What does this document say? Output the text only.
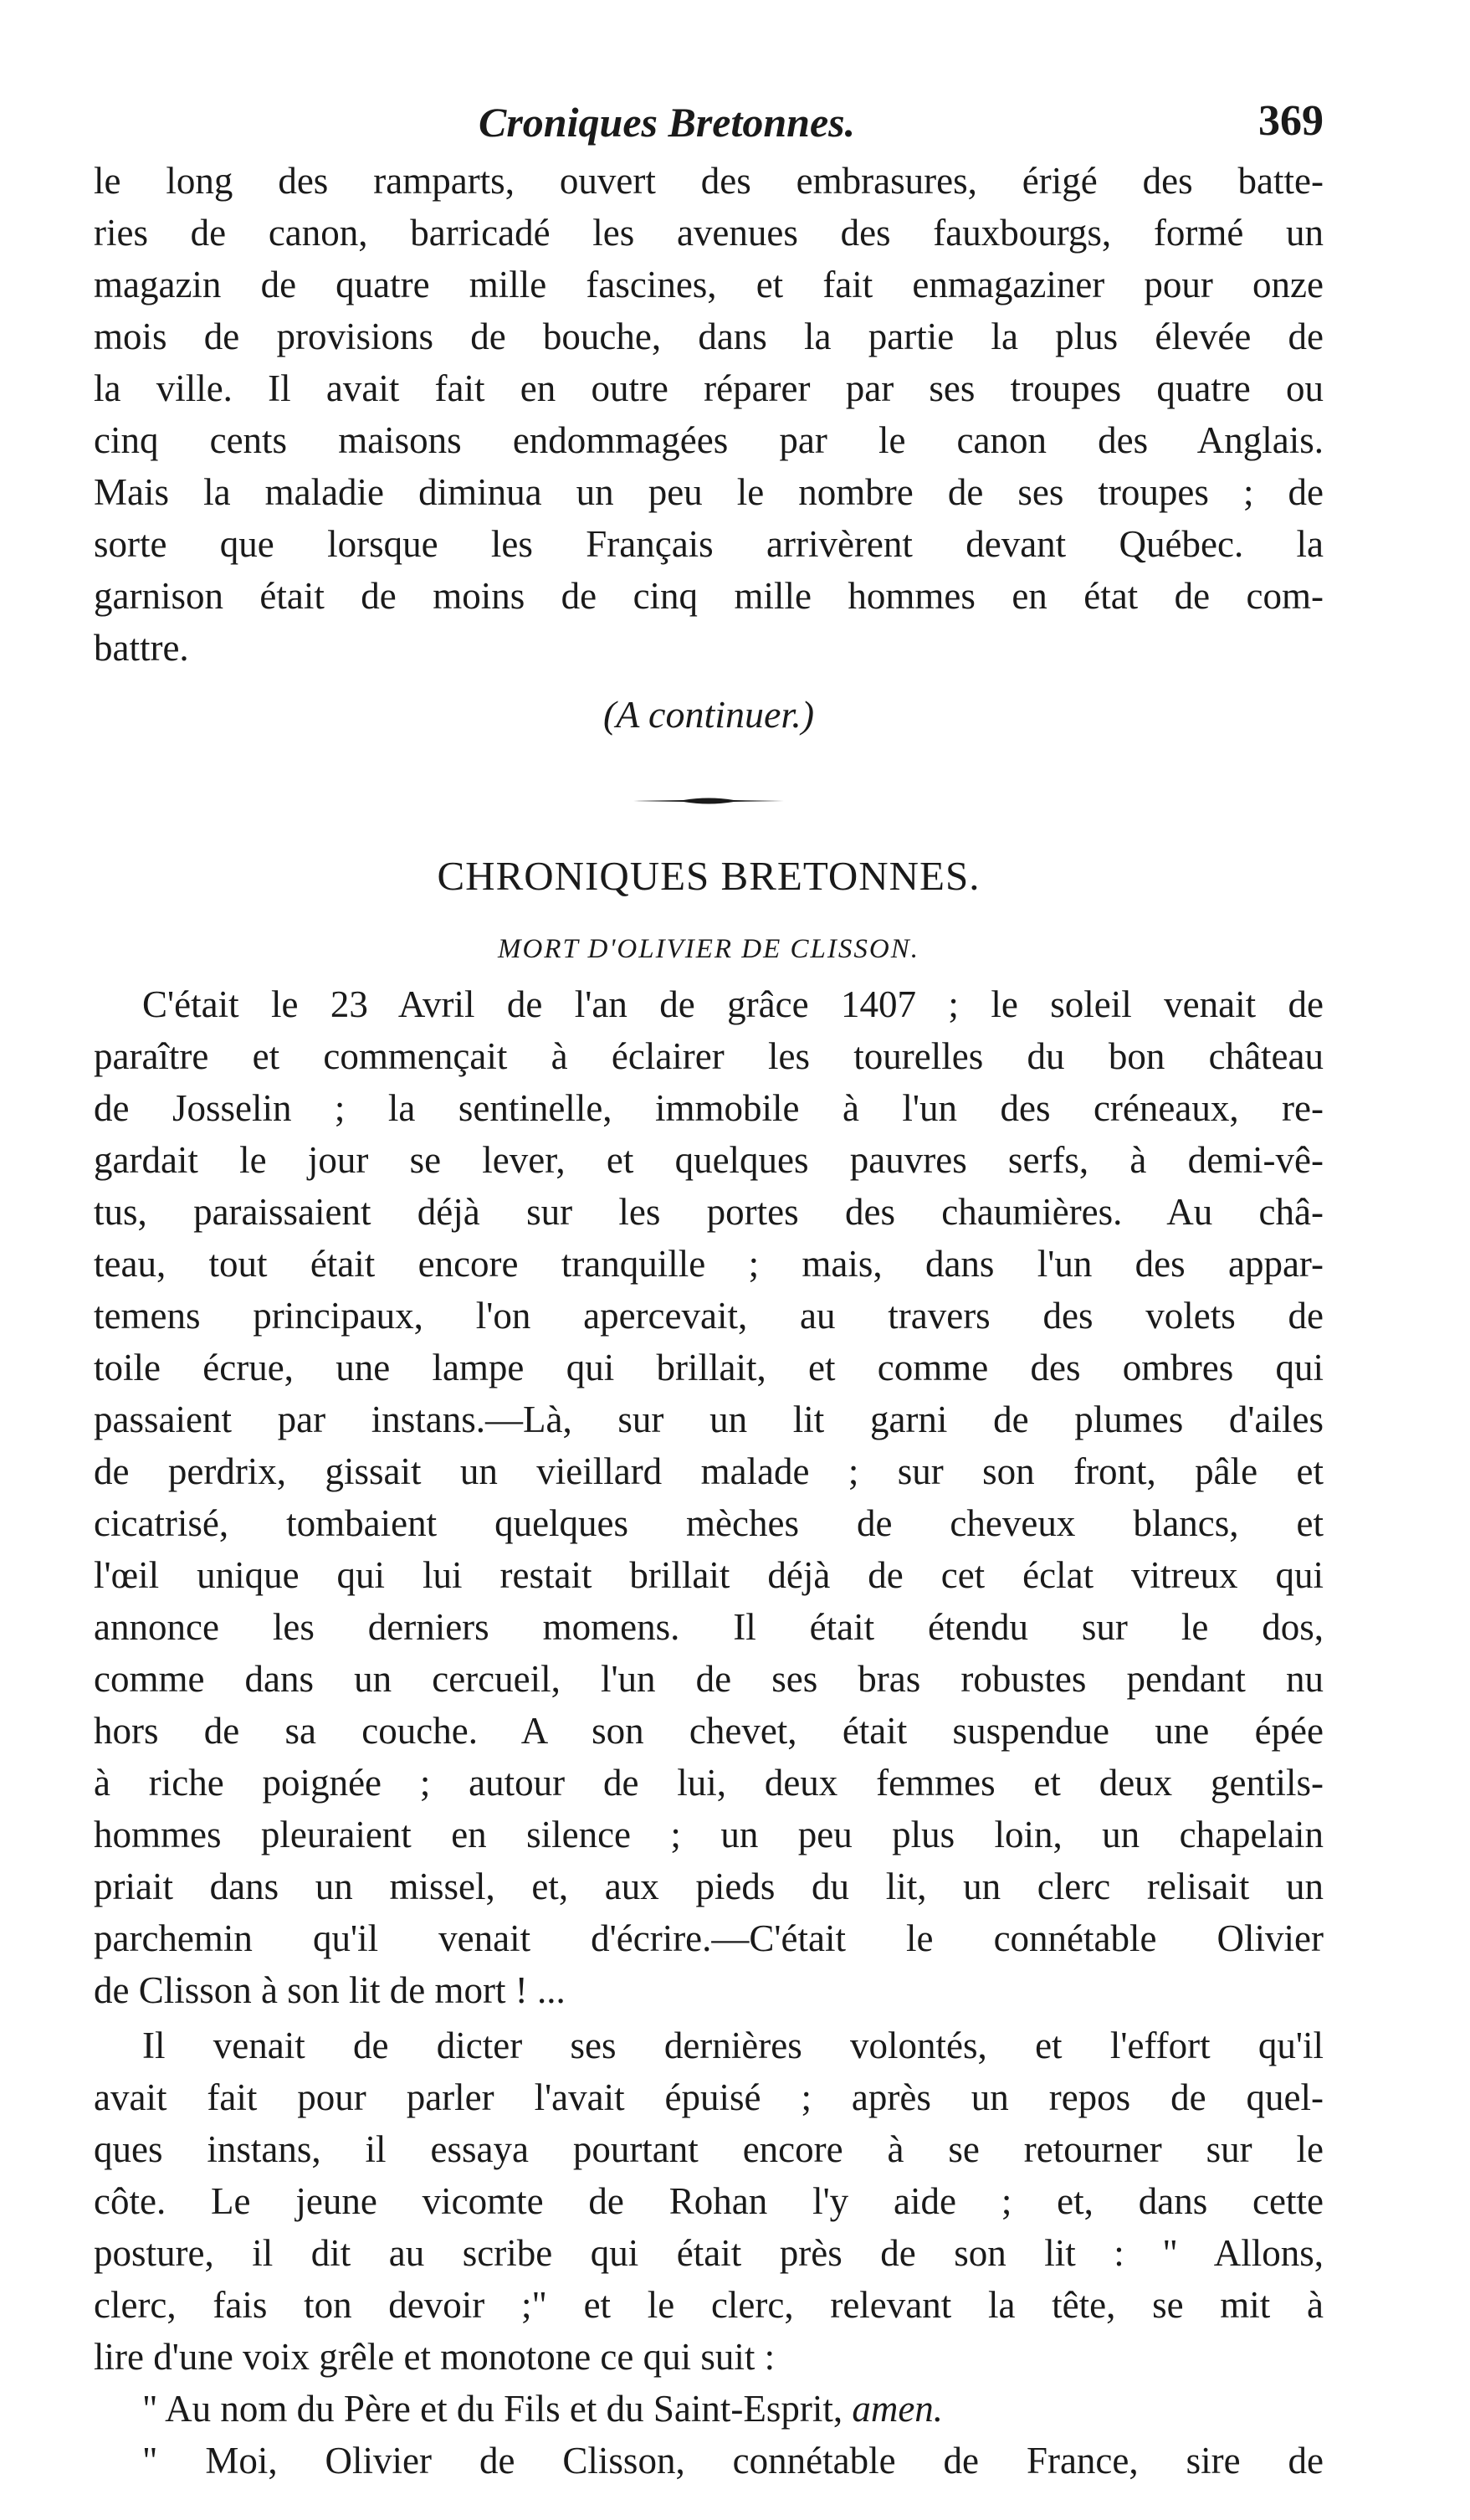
Croniques Bretonnes.	369
le long des ramparts, ouvert des embrasures, érigé des batte-
ries de canon, barricadé les avenues des fauxbourgs, formé un
magazin de quatre mille fascines, et fait enmagaziner pour onze
mois de provisions de bouche, dans la partie la plus élevée de
la ville. Il avait fait en outre réparer par ses troupes quatre ou
cinq cents maisons endommagées par le canon des Anglais.
Mais la maladie diminua un peu le nombre de ses troupes ; de
sorte que lorsque les Français arrivèrent devant Québec. la
garnison était de moins de cinq mille hommes en état de com-
battre.
(A continuer.)
CHRONIQUES BRETONNES.
MORT D'OLIVIER DE CLISSON.
C'était le 23 Avril de l'an de grâce 1407 ; le soleil venait de
paraître et commençait à éclairer les tourelles du bon château
de Josselin ; la sentinelle, immobile à l'un des créneaux, re-
gardait le jour se lever, et quelques pauvres serfs, à demi-vê-
tus, paraissaient déjà sur les portes des chaumières. Au châ-
teau, tout était encore tranquille ; mais, dans l'un des appar-
temens principaux, l'on apercevait, au travers des volets de
toile écrue, une lampe qui brillait, et comme des ombres qui
passaient par instans.—Là, sur un lit garni de plumes d'ailes
de perdrix, gissait un vieillard malade ; sur son front, pâle et
cicatrisé, tombaient quelques mèches de cheveux blancs, et
l'œil unique qui lui restait brillait déjà de cet éclat vitreux qui
annonce les derniers momens. Il était étendu sur le dos,
comme dans un cercueil, l'un de ses bras robustes pendant nu
hors de sa couche. A son chevet, était suspendue une épée
à riche poignée ; autour de lui, deux femmes et deux gentils-
hommes pleuraient en silence ; un peu plus loin, un chapelain
priait dans un missel, et, aux pieds du lit, un clerc relisait un
parchemin qu'il venait d'écrire.—C'était le connétable Olivier
de Clisson à son lit de mort ! ...
Il venait de dicter ses dernières volontés, et l'effort qu'il
avait fait pour parler l'avait épuisé ; après un repos de quel-
ques instans, il essaya pourtant encore à se retourner sur le
côte. Le jeune vicomte de Rohan l'y aide ; et, dans cette
posture, il dit au scribe qui était près de son lit : " Allons,
clerc, fais ton devoir ;" et le clerc, relevant la tête, se mit à
lire d'une voix grêle et monotone ce qui suit :
" Au nom du Père et du Fils et du Saint-Esprit, amen.
" Moi, Olivier de Clisson, connétable de France, sire de
